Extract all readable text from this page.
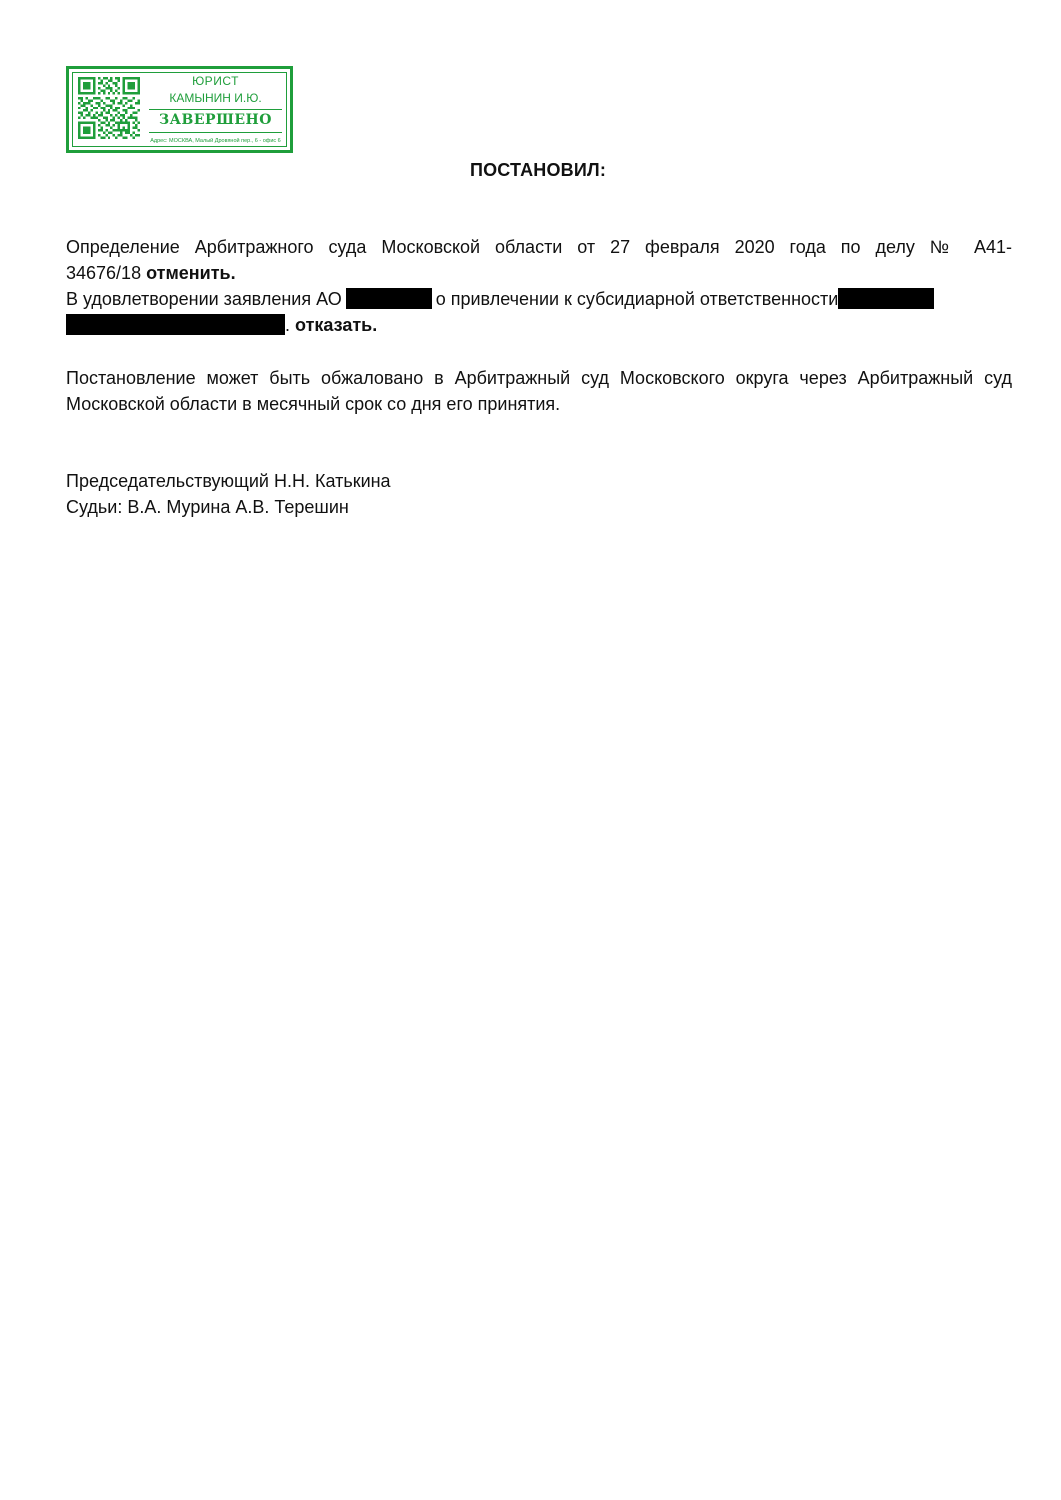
ЮРИСТ
КАМЫНИН И.Ю.
ЗАВЕРШЕНО
Адрес: МОСКВА, Малый Дровяной пер., 6 - офис 6
ПОСТАНОВИЛ:
Определение Арбитражного суда Московской области от 27 февраля 2020 года по делу № А41-
34676/18 отменить.
В удовлетворении заявления АО	о привлечении к субсидиарной ответственности
. отказать.
Постановление может быть обжаловано в Арбитражный суд Московского округа через Арбитражный суд Московской области в месячный срок со дня его принятия.
Председательствующий Н.Н. Катькина
Судьи: В.А. Мурина А.В. Терешин
